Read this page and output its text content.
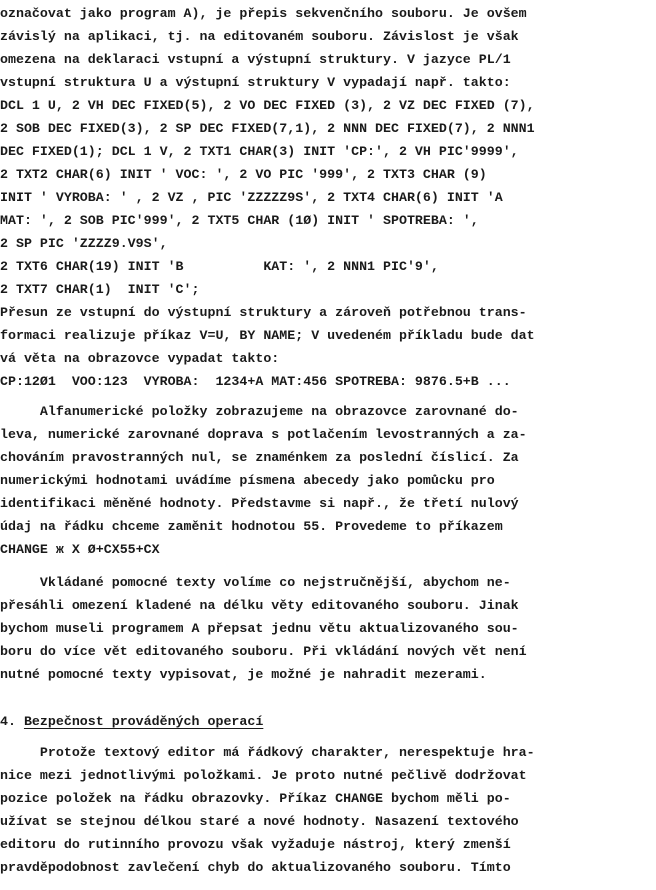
označovat jako program A), je přepis sekvenčního souboru. Je ovšem
závislý na aplikaci, tj. na editovaném souboru. Závislost je však
omezena na deklaraci vstupní a výstupní struktury. V jazyce PL/1
vstupní struktura U a výstupní struktury V vypadají např. takto:
DCL 1 U, 2 VH DEC FIXED(5), 2 VO DEC FIXED (3), 2 VZ DEC FIXED (7),
2 SOB DEC FIXED(3), 2 SP DEC FIXED(7,1), 2 NNN DEC FIXED(7), 2 NNN1
DEC FIXED(1); DCL 1 V, 2 TXT1 CHAR(3) INIT 'CP:', 2 VH PIC'9999',
2 TXT2 CHAR(6) INIT ' VOC: ', 2 VO PIC '999', 2 TXT3 CHAR (9)
INIT ' VYROBA: ' , 2 VZ , PIC 'ZZZZZ9S', 2 TXT4 CHAR(6) INIT 'A
MAT: ', 2 SOB PIC'999', 2 TXT5 CHAR (1Ø) INIT ' SPOTREBA: ',
2 SP PIC 'ZZZZ9.V9S',
2 TXT6 CHAR(19) INIT 'B          KAT: ', 2 NNN1 PIC'9',
2 TXT7 CHAR(1)  INIT 'C';
Přesun ze vstupní do výstupní struktury a zároveň potřebnou trans-
formaci realizuje příkaz V=U, BY NAME; V uvedeném příkladu bude dat
vá věta na obrazovce vypadat takto:
CP:12Ø1  VOO:123  VYROBA:  1234+A MAT:456 SPOTREBA: 9876.5+B ...
Alfanumerické položky zobrazujeme na obrazovce zarovnané do-
leva, numerické zarovnané doprava s potlačením levostranných a za-
chováním pravostranných nul, se znaménkem za poslední číslicí. Za
numerickými hodnotami uvádíme písmena abecedy jako pomůcku pro
identifikaci měněné hodnoty. Představme si např., že třetí nulový
údaj na řádku chceme zaměnit hodnotou 55. Provedeme to příkazem
CHANGE ж X Ø+CX55+CX
Vkládané pomocné texty volíme co nejstručnější, abychom ne-
přesáhli omezení kladené na délku věty editovaného souboru. Jinak
bychom museli programem A přepsat jednu větu aktualizovaného sou-
boru do více vět editovaného souboru. Při vkládání nových vět není
nutné pomocné texty vypisovat, je možné je nahradit mezerami.
4. Bezpečnost prováděných operací
Protože textový editor má řádkový charakter, nerespektuje hra-
nice mezi jednotlivými položkami. Je proto nutné pečlivě dodržovat
pozice položek na řádku obrazovky. Příkaz CHANGE bychom měli po-
užívat se stejnou délkou staré a nové hodnoty. Nasazení textového
editoru do rutinního provozu však vyžaduje nástroj, který zmenší
pravděpodobnost zavlečení chyb do aktualizovaného souboru. Tímto
